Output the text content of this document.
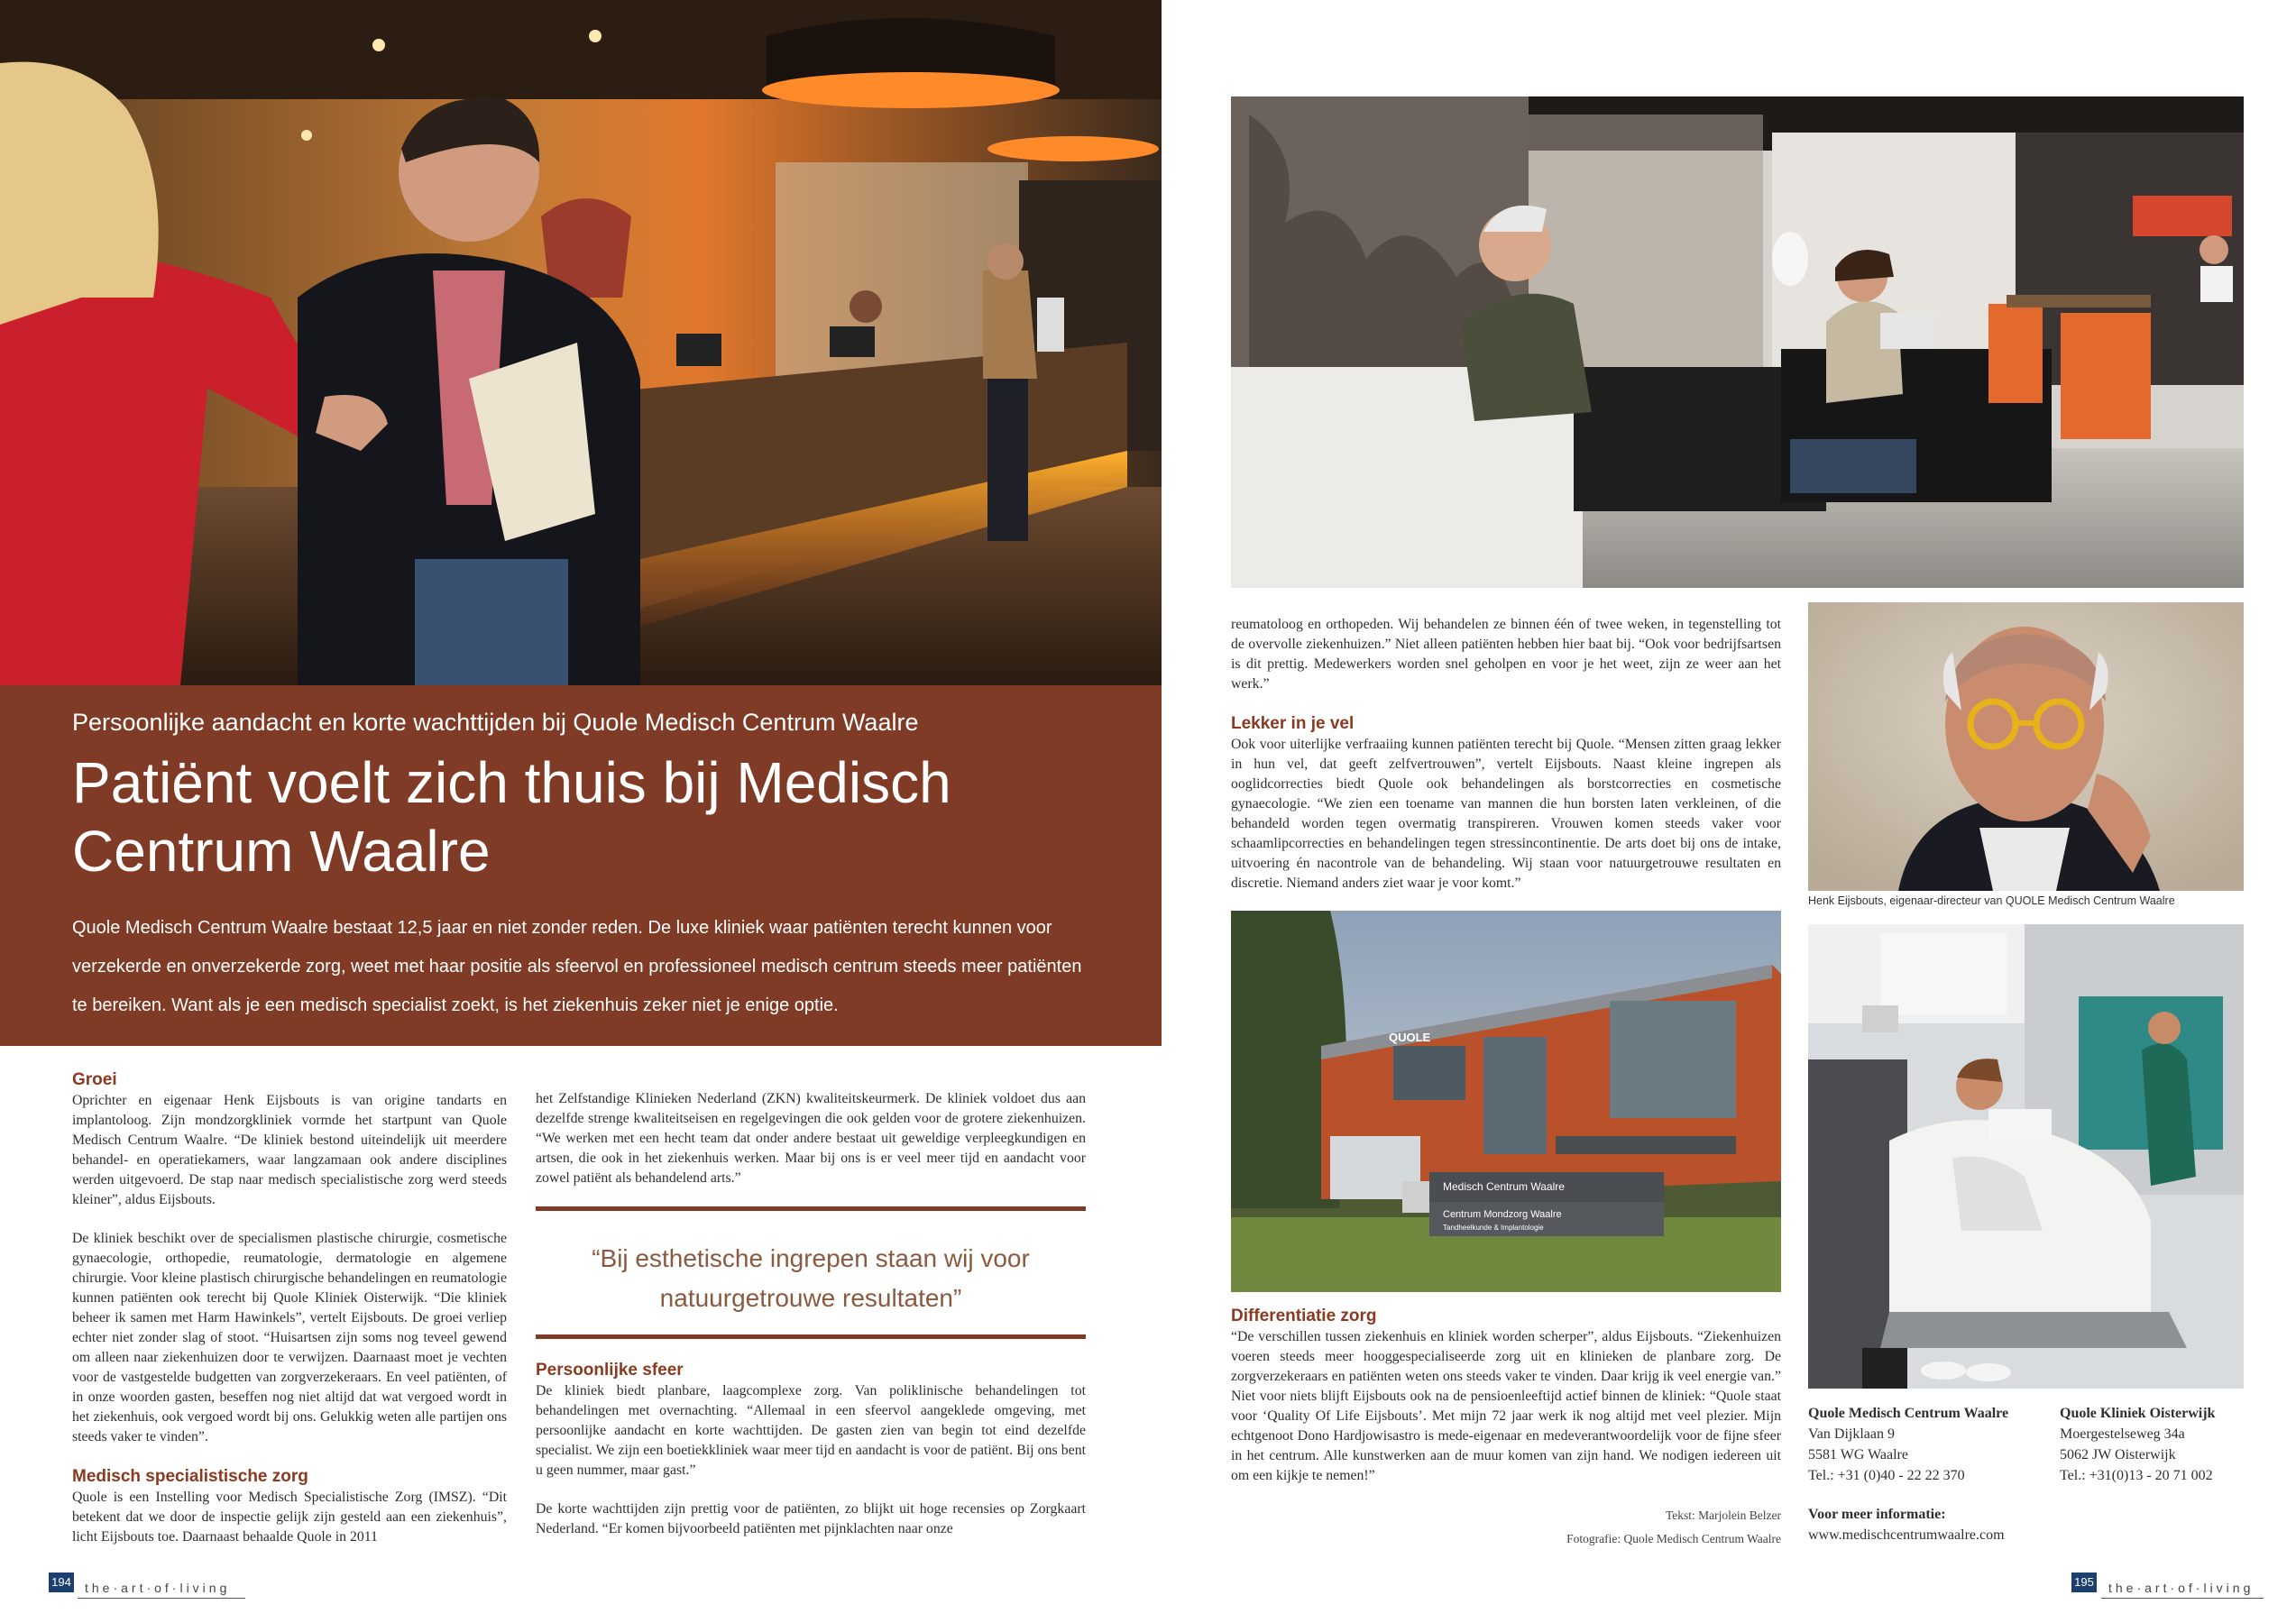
Persoonlijke aandacht en korte wachttijden bij Quole Medisch Centrum Waalre
Patiënt voelt zich thuis bij Medisch Centrum Waalre
Quole Medisch Centrum Waalre bestaat 12,5 jaar en niet zonder reden. De luxe kliniek waar patiënten terecht kunnen voor verzekerde en onverzekerde zorg, weet met haar positie als sfeervol en professioneel medisch centrum steeds meer patiënten te bereiken. Want als je een medisch specialist zoekt, is het ziekenhuis zeker niet je enige optie.
Groei

Oprichter en eigenaar Henk Eijsbouts is van origine tandarts en implantoloog. Zijn mondzorgkliniek vormde het startpunt van Quole Medisch Centrum Waalre. “De kliniek bestond uiteindelijk uit meerdere behandel- en operatiekamers, waar langzamaan ook andere disciplines werden uitgevoerd. De stap naar medisch specialistische zorg werd steeds kleiner”, aldus Eijsbouts.

De kliniek beschikt over de specialismen plastische chirurgie, cosmetische gynaecologie, orthopedie, reumatologie, dermatologie en algemene chirurgie. Voor kleine plastisch chirurgische behandelingen en reumatologie kunnen patiënten ook terecht bij Quole Kliniek Oisterwijk. “Die kliniek beheer ik samen met Harm Hawinkels”, vertelt Eijsbouts. De groei verliep echter niet zonder slag of stoot. “Huisartsen zijn soms nog teveel gewend om alleen naar ziekenhuizen door te verwijzen. Daarnaast moet je vechten voor de vastgestelde budgetten van zorgverzekeraars. En veel patiënten, of in onze woorden gasten, beseffen nog niet altijd dat wat vergoed wordt in het ziekenhuis, ook vergoed wordt bij ons. Gelukkig weten alle partijen ons steeds vaker te vinden”.

Medisch specialistische zorg

Quole is een Instelling voor Medisch Specialistische Zorg (IMSZ). “Dit betekent dat we door de inspectie gelijk zijn gesteld aan een ziekenhuis”, licht Eijsbouts toe. Daarnaast behaalde Quole in 2011

het Zelfstandige Klinieken Nederland (ZKN) kwaliteitskeurmerk. De kliniek voldoet dus aan dezelfde strenge kwaliteitseisen en regelgevingen die ook gelden voor de grotere ziekenhuizen. “We werken met een hecht team dat onder andere bestaat uit geweldige verpleegkundigen en artsen, die ook in het ziekenhuis werken. Maar bij ons is er veel meer tijd en aandacht voor zowel patiënt als behandelend arts.”

“Bij esthetische ingrepen staan wij voor natuurgetrouwe resultaten”
Persoonlijke sfeer

De kliniek biedt planbare, laagcomplexe zorg. Van poliklinische behandelingen tot behandelingen met overnachting. “Allemaal in een sfeervol aangeklede omgeving, met persoonlijke aandacht en korte wachttijden. De gasten zien van begin tot eind dezelfde specialist. We zijn een boetiekkliniek waar meer tijd en aandacht is voor de patiënt. Bij ons bent u geen nummer, maar gast.”

De korte wachttijden zijn prettig voor de patiënten, zo blijkt uit hoge recensies op Zorgkaart Nederland. “Er komen bijvoorbeeld patiënten met pijnklachten naar onze

194 the·art·of·living

reumatoloog en orthopeden. Wij behandelen ze binnen één of twee weken, in tegenstelling tot de overvolle ziekenhuizen.” Niet alleen patiënten hebben hier baat bij. “Ook voor bedrijfsartsen is dit prettig. Medewerkers worden snel geholpen en voor je het weet, zijn ze weer aan het werk.”

Lekker in je vel

Ook voor uiterlijke verfraaiing kunnen patiënten terecht bij Quole. “Mensen zitten graag lekker in hun vel, dat geeft zelfvertrouwen”, vertelt Eijsbouts. Naast kleine ingrepen als ooglidcorrecties biedt Quole ook behandelingen als borstcorrecties en cosmetische gynaecologie. “We zien een toename van mannen die hun borsten laten verkleinen, of die behandeld worden tegen overmatig transpireren. Vrouwen komen steeds vaker voor schaamlipcorrecties en behandelingen tegen stressincontinentie. De arts doet bij ons de intake, uitvoering én nacontrole van de behandeling. Wij staan voor natuurgetrouwe resultaten en discretie. Niemand anders ziet waar je voor komt.”

Henk Eijsbouts, eigenaar-directeur van QUOLE Medisch Centrum Waalre
Medisch Centrum Waalre
Centrum Mondzorg Waalre
Tandheelkunde & Implantologie
QUOLE
Differentiatie zorg

“De verschillen tussen ziekenhuis en kliniek worden scherper”, aldus Eijsbouts. “Ziekenhuizen voeren steeds meer hooggespecialiseerde zorg uit en klinieken de planbare zorg. De zorgverzekeraars en patiënten weten ons steeds vaker te vinden. Daar krijg ik veel energie van.” Niet voor niets blijft Eijsbouts ook na de pensioenleeftijd actief binnen de kliniek: “Quole staat voor ‘Quality Of Life Eijsbouts’. Met mijn 72 jaar werk ik nog altijd met veel plezier. Mijn echtgenoot Dono Hardjowisastro is mede-eigenaar en medeverantwoordelijk voor de fijne sfeer in het centrum. Alle kunstwerken aan de muur komen van zijn hand. We nodigen iedereen uit om een kijkje te nemen!”

Tekst: Marjolein Belzer
Fotografie: Quole Medisch Centrum Waalre
Quole Medisch Centrum Waalre
Van Dijklaan 9
5581 WG Waalre
Tel.: +31 (0)40 - 22 22 370
Quole Kliniek Oisterwijk
Moergestelseweg 34a
5062 JW Oisterwijk
Tel.: +31(0)13 - 20 71 002
Voor meer informatie:
www.medischcentrumwaalre.com
195 the·art·of·living
